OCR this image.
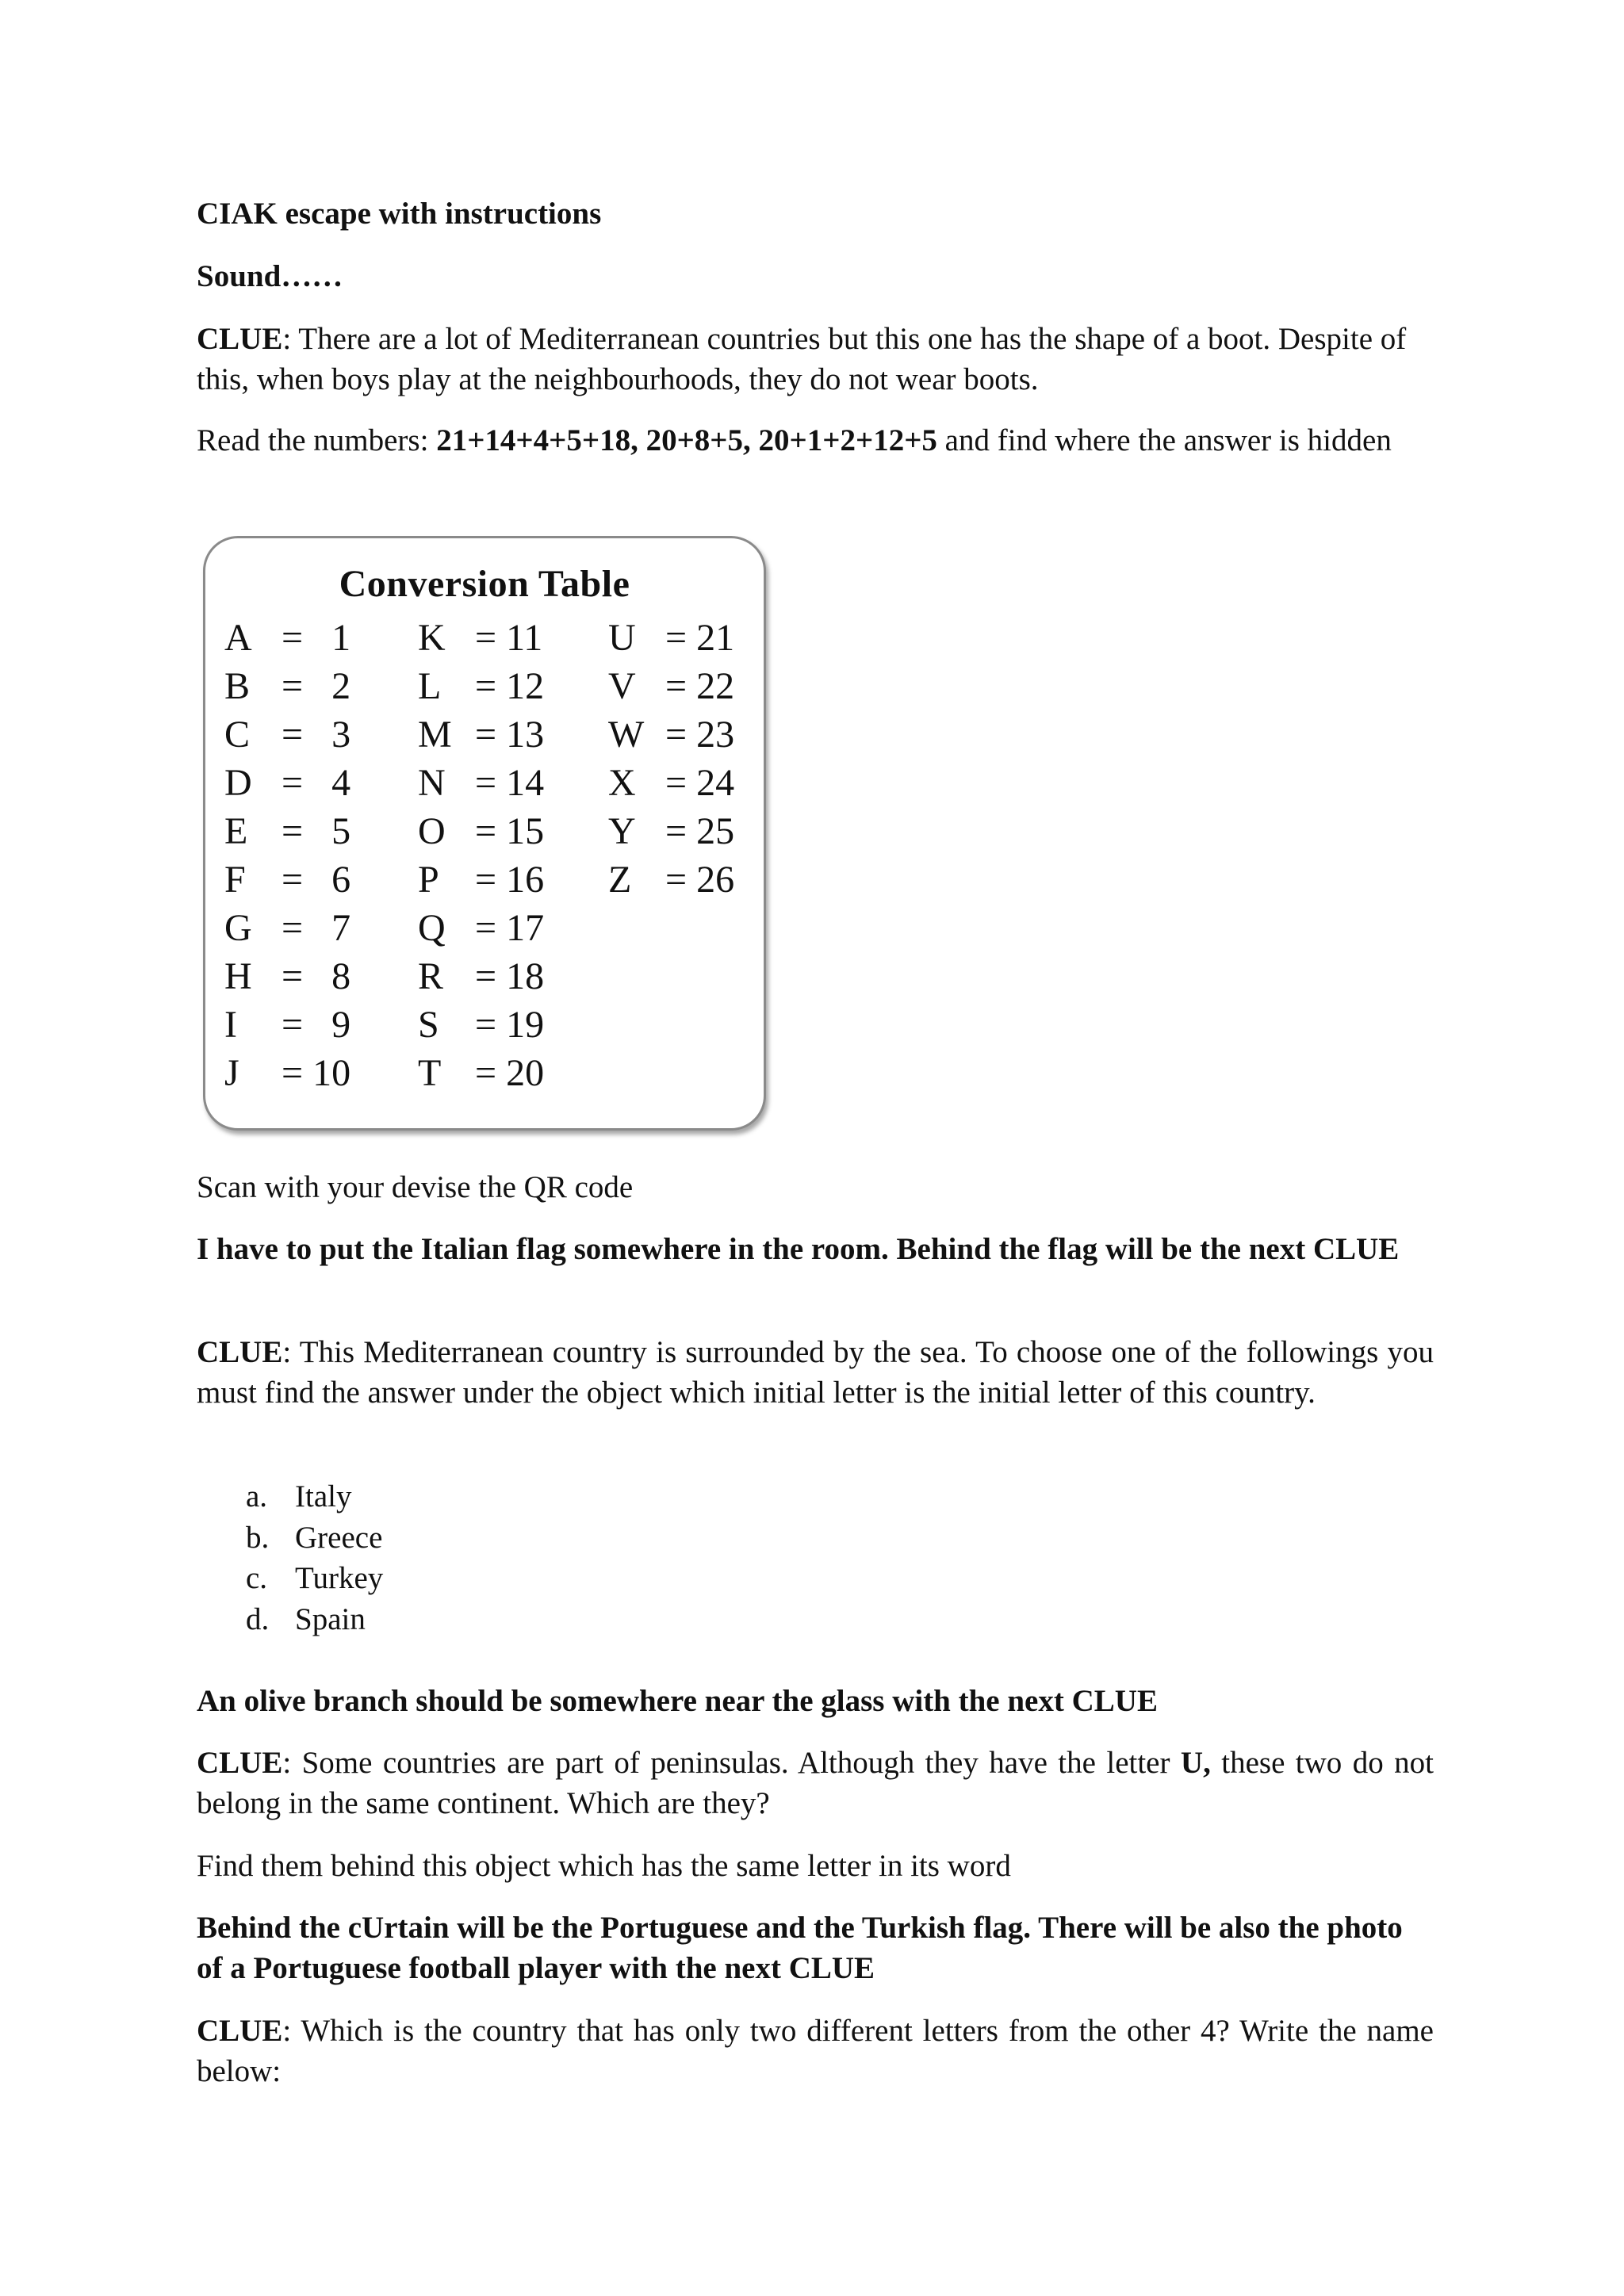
CIAK escape with instructions

Sound……

CLUE: There are a lot of Mediterranean countries but this one has the shape of a boot. Despite of this, when boys play at the neighbourhoods, they do not wear boots.

Read the numbers: 21+14+4+5+18, 20+8+5, 20+1+2+12+5 and find where the answer is hidden

Conversion Table
A =   1
B =   2
C =   3
D =   4
E =   5
F =   6
G =   7
H =   8
I	=   9
J	= 10
K = 11
L = 12
M = 13
N = 14
O = 15
P = 16
Q = 17
R = 18
S = 19
T = 20
U = 21
V = 22
W = 23
X = 24
Y = 25
Z = 26

Scan with your devise the QR code

I have to put the Italian flag somewhere in the room. Behind the flag will be the next CLUE

CLUE: This Mediterranean country is surrounded by the sea. To choose one of the followings you must find the answer under the object which initial letter is the initial letter of this country.

a. Italy
b. Greece
c. Turkey
d. Spain

An olive branch should be somewhere near the glass with the next CLUE

CLUE: Some countries are part of peninsulas. Although they have the letter U, these two do not belong in the same continent. Which are they?

Find them behind this object which has the same letter in its word

Behind the cUrtain will be the Portuguese and the Turkish flag. There will be also the photo of a Portuguese football player with the next CLUE

CLUE: Which is the country that has only two different letters from the other 4? Write the name below:
